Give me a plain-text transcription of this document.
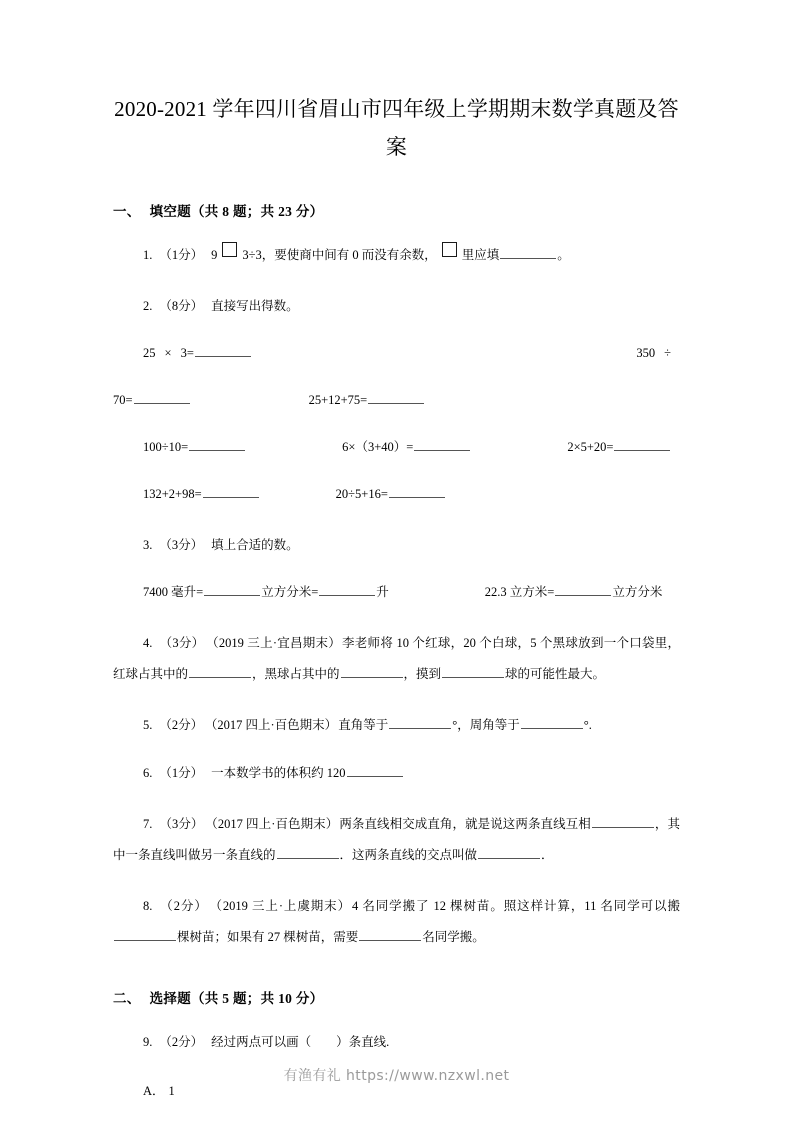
2020-2021 学年四川省眉山市四年级上学期期末数学真题及答案
一、 填空题（共 8 题；共 23 分）
1. （1分） 9 3÷3，要使商中间有 0 而没有余数， 里应填	。
2. （8分） 直接写出得数。
25 × 3=	350 ÷
70=	25+12+75=
100÷10=	6×（3+40）=	2×5+20=
132+2+98=	20÷5+16=
3. （3分） 填上合适的数。
7400 毫升=	立方分米=	升	22.3 立方米=	立方分米
4. （3分） （2019 三上·宜昌期末）李老师将 10 个红球，20 个白球，5 个黑球放到一个口袋里，红球占其中的	，黑球占其中的	，摸到	球的可能性最大。
5. （2分） （2017 四上·百色期末）直角等于	°，周角等于	°.
6. （1分） 一本数学书的体积约 120
7. （3分） （2017 四上·百色期末）两条直线相交成直角，就是说这两条直线互相	，其中一条直线叫做另一条直线的	．这两条直线的交点叫做	．
8. （2分） （2019 三上·上虞期末）4 名同学搬了 12 棵树苗。照这样计算，11 名同学可以搬棵树苗；如果有 27 棵树苗，需要	名同学搬。
二、 选择题（共 5 题；共 10 分）
9. （2分） 经过两点可以画（　　）条直线.
A． 1
有渔有礼 https://www.nzxwl.net
